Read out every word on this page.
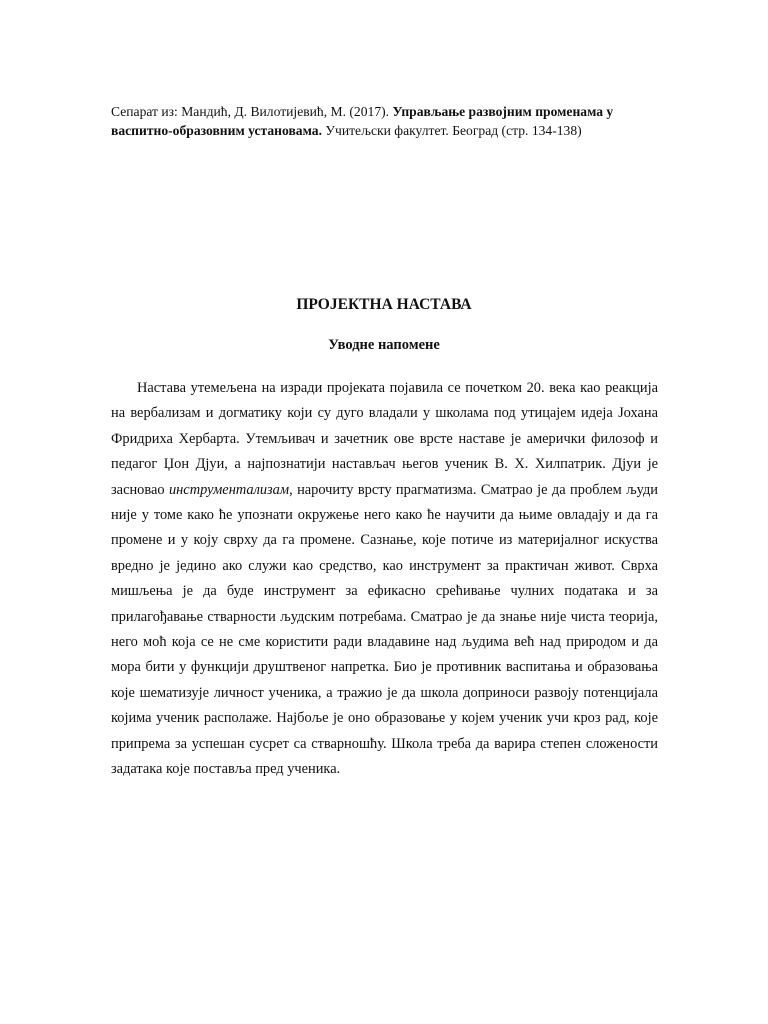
Сепарат из: Мандић, Д. Вилотијевић, М. (2017). Управљање развојним променама у васпитно-образовним установама. Учитељски факултет. Београд (стр. 134-138)

ПРОЈЕКТНА НАСТАВА
Уводне напомене

Настава утемељена на изради пројеката појавила се почетком 20. века као реакција на вербализам и догматику који су дуго владали у школама под утицајем идеја Јохана Фридриха Хербарта. Утемљивач и зачетник ове врсте наставе је амерички филозоф и педагог Џон Дјуи, а најпознатији настављач његов ученик В. Х. Хилпатрик. Дјуи је засновао инструментализам, нарочиту врсту прагматизма. Сматрао је да проблем људи није у томе како ће упознати окружење него како ће научити да њиме овладају и да га промене и у коју сврху да га промене. Сазнање, које потиче из материјалног искуства вредно је једино ако служи као средство, као инструмент за практичан живот. Сврха мишљења је да буде инструмент за ефикасно срећивање чулних података и за прилагођавање стварности људским потребама. Сматрао је да знање није чиста теорија, него моћ која се не сме користити ради владавине над људима већ над природом и да мора бити у функцији друштвеног напретка. Био је противник васпитања и образовања које шематизује личност ученика, а тражио је да школа доприноси развоју потенцијала којима ученик располаже. Најбоље је оно образовање у којем ученик учи кроз рад, које припрема за успешан сусрет са стварношћу. Школа треба да варира степен сложености задатака које поставља пред ученика.
